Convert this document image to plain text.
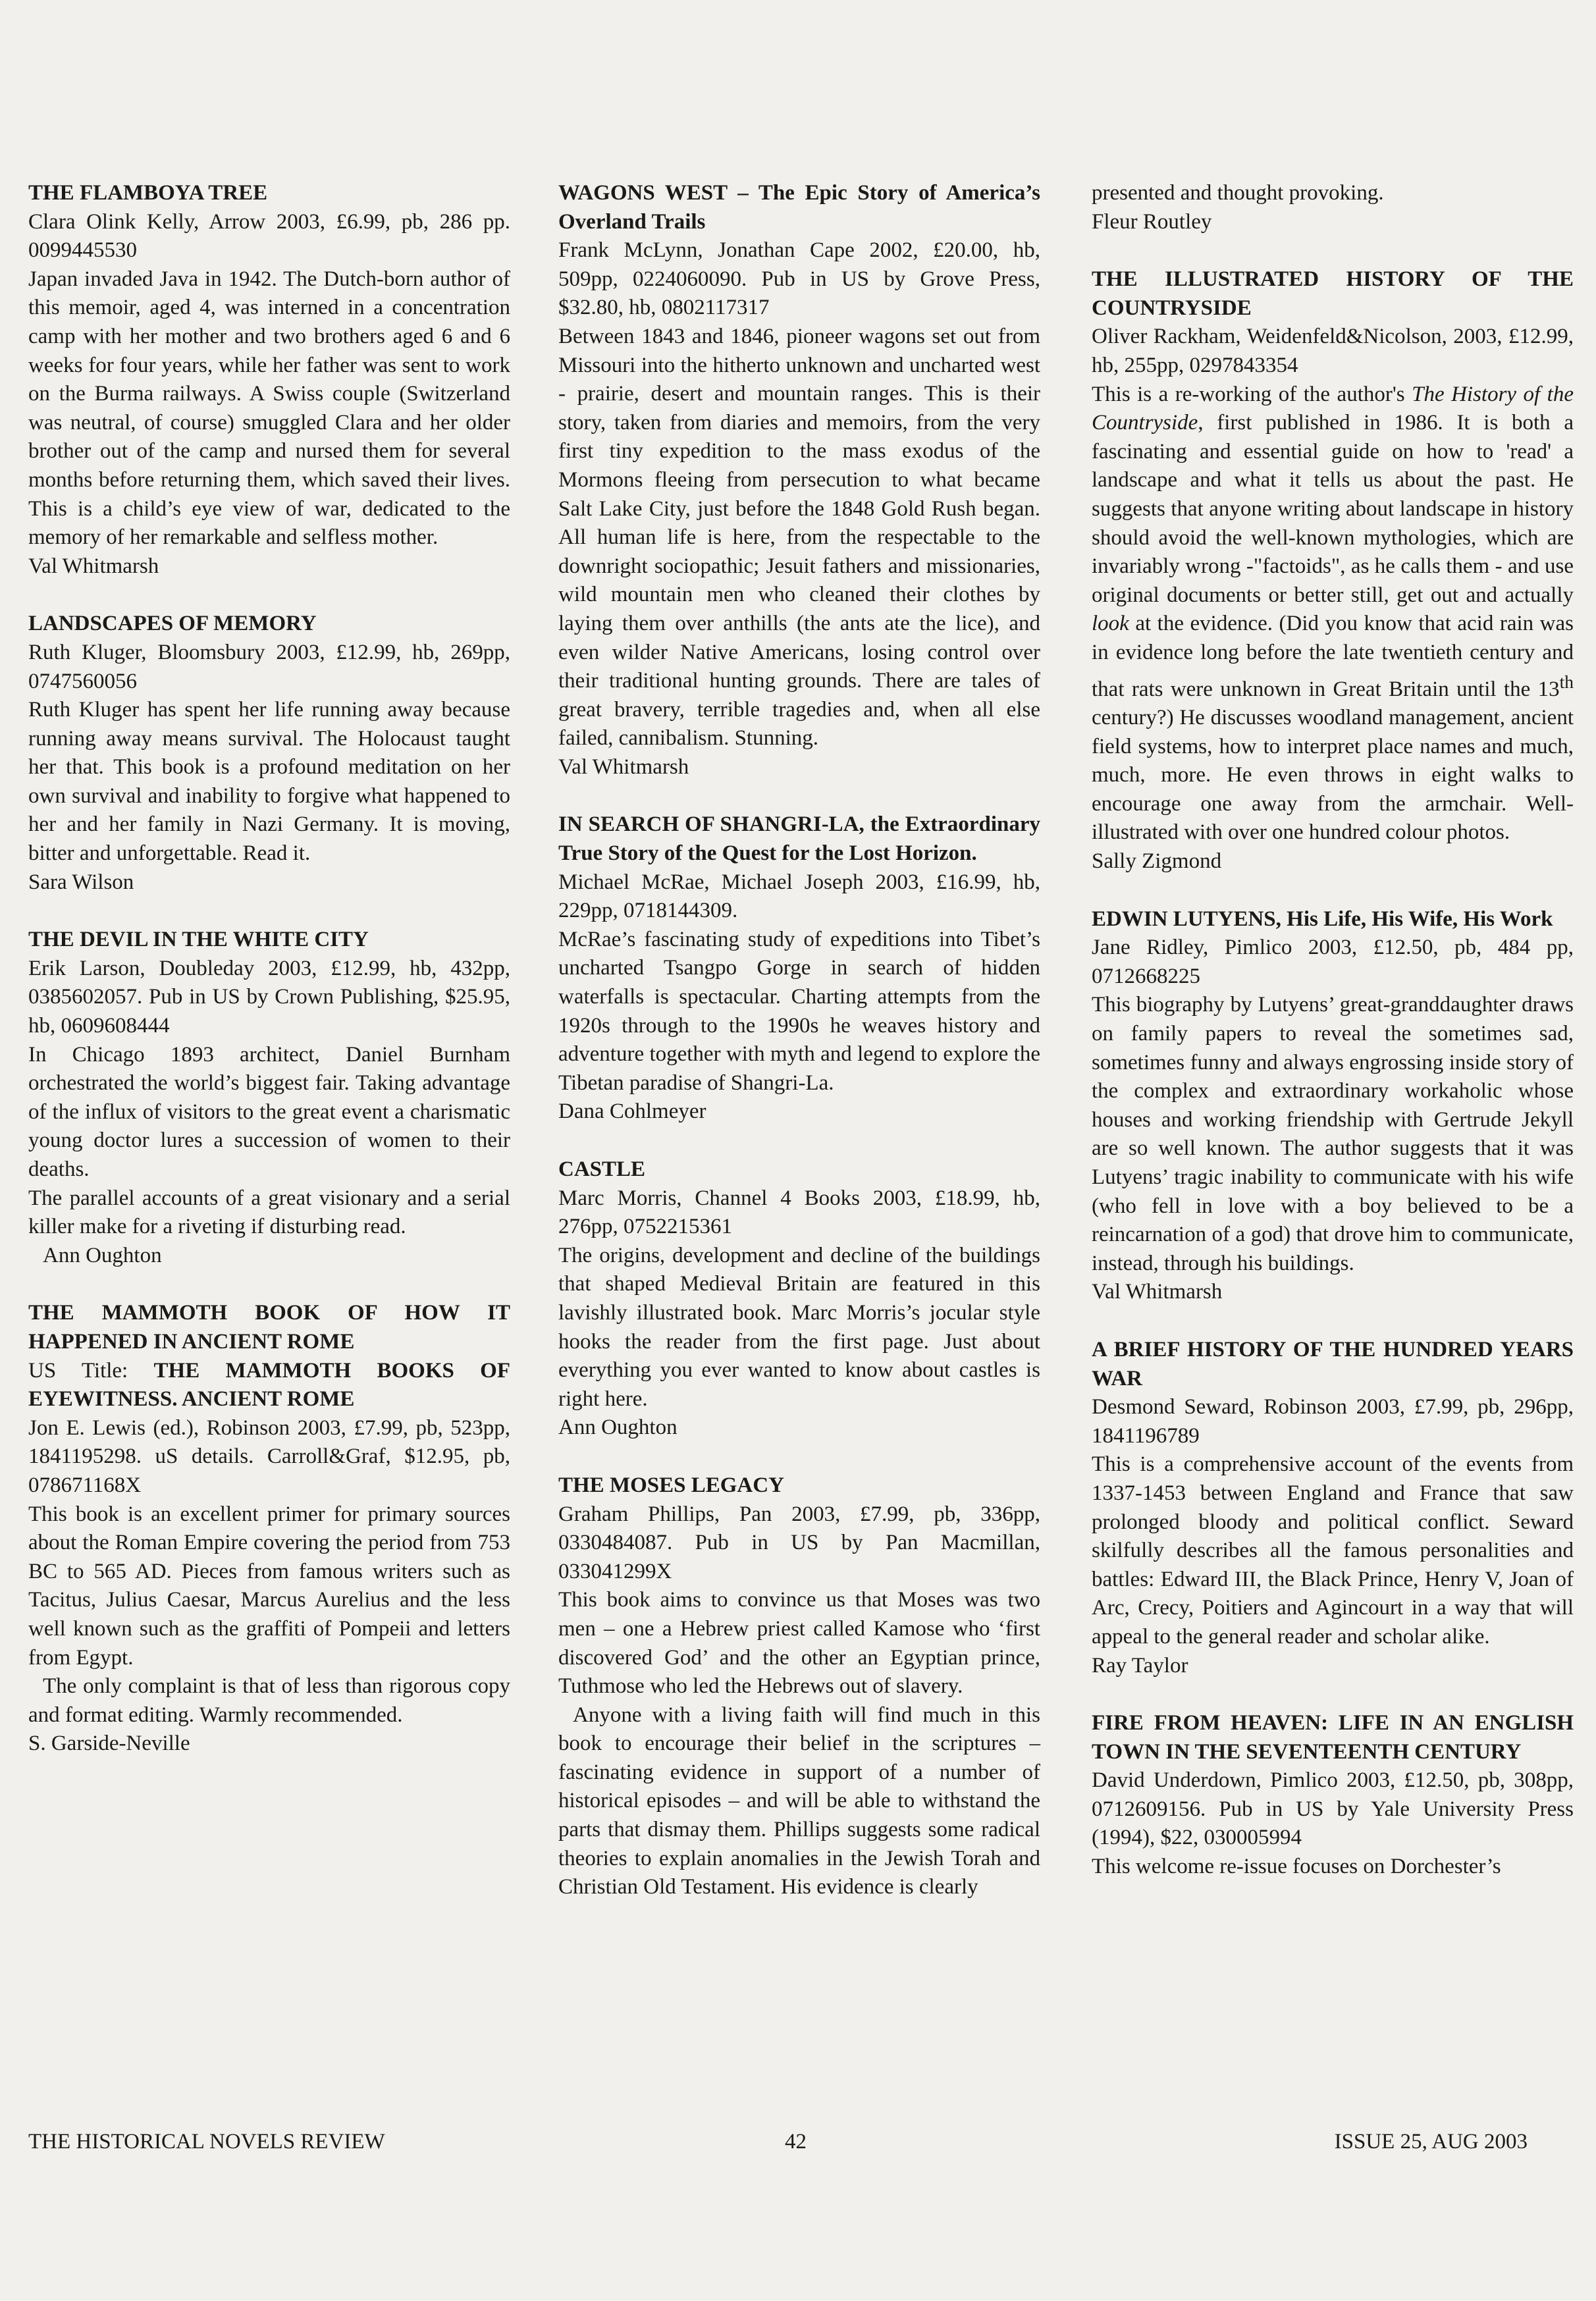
THE FLAMBOYA TREE
Clara Olink Kelly, Arrow 2003, £6.99, pb, 286 pp. 0099445530
Japan invaded Java in 1942. The Dutch-born author of this memoir, aged 4, was interned in a concentration camp with her mother and two brothers aged 6 and 6 weeks for four years, while her father was sent to work on the Burma railways. A Swiss couple (Switzerland was neutral, of course) smuggled Clara and her older brother out of the camp and nursed them for several months before returning them, which saved their lives. This is a child’s eye view of war, dedicated to the memory of her remarkable and selfless mother.
Val Whitmarsh
LANDSCAPES OF MEMORY
Ruth Kluger, Bloomsbury 2003, £12.99, hb, 269pp, 0747560056
Ruth Kluger has spent her life running away because running away means survival. The Holocaust taught her that. This book is a profound meditation on her own survival and inability to forgive what happened to her and her family in Nazi Germany. It is moving, bitter and unforgettable. Read it.
Sara Wilson
THE DEVIL IN THE WHITE CITY
Erik Larson, Doubleday 2003, £12.99, hb, 432pp, 0385602057. Pub in US by Crown Publishing, $25.95, hb, 0609608444
In Chicago 1893 architect, Daniel Burnham orchestrated the world’s biggest fair. Taking advantage of the influx of visitors to the great event a charismatic young doctor lures a succession of women to their deaths.
The parallel accounts of a great visionary and a serial killer make for a riveting if disturbing read.
Ann Oughton
THE MAMMOTH BOOK OF HOW IT HAPPENED IN ANCIENT ROME
US Title: THE MAMMOTH BOOKS OF EYEWITNESS. ANCIENT ROME
Jon E. Lewis (ed.), Robinson 2003, £7.99, pb, 523pp, 1841195298. uS details. Carroll&Graf, $12.95, pb, 078671168X
This book is an excellent primer for primary sources about the Roman Empire covering the period from 753 BC to 565 AD. Pieces from famous writers such as Tacitus, Julius Caesar, Marcus Aurelius and the less well known such as the graffiti of Pompeii and letters from Egypt.
The only complaint is that of less than rigorous copy and format editing. Warmly recommended.
S. Garside-Neville
WAGONS WEST – The Epic Story of America’s Overland Trails
Frank McLynn, Jonathan Cape 2002, £20.00, hb, 509pp, 0224060090. Pub in US by Grove Press, $32.80, hb, 0802117317
Between 1843 and 1846, pioneer wagons set out from Missouri into the hitherto unknown and uncharted west - prairie, desert and mountain ranges. This is their story, taken from diaries and memoirs, from the very first tiny expedition to the mass exodus of the Mormons fleeing from persecution to what became Salt Lake City, just before the 1848 Gold Rush began. All human life is here, from the respectable to the downright sociopathic; Jesuit fathers and missionaries, wild mountain men who cleaned their clothes by laying them over anthills (the ants ate the lice), and even wilder Native Americans, losing control over their traditional hunting grounds. There are tales of great bravery, terrible tragedies and, when all else failed, cannibalism. Stunning.
Val Whitmarsh
IN SEARCH OF SHANGRI-LA, the Extraordinary True Story of the Quest for the Lost Horizon.
Michael McRae, Michael Joseph 2003, £16.99, hb, 229pp, 0718144309.
McRae’s fascinating study of expeditions into Tibet’s uncharted Tsangpo Gorge in search of hidden waterfalls is spectacular. Charting attempts from the 1920s through to the 1990s he weaves history and adventure together with myth and legend to explore the Tibetan paradise of Shangri-La.
Dana Cohlmeyer
CASTLE
Marc Morris, Channel 4 Books 2003, £18.99, hb, 276pp, 0752215361
The origins, development and decline of the buildings that shaped Medieval Britain are featured in this lavishly illustrated book. Marc Morris’s jocular style hooks the reader from the first page. Just about everything you ever wanted to know about castles is right here.
Ann Oughton
THE MOSES LEGACY
Graham Phillips, Pan 2003, £7.99, pb, 336pp, 0330484087. Pub in US by Pan Macmillan, 033041299X
This book aims to convince us that Moses was two men – one a Hebrew priest called Kamose who ‘first discovered God’ and the other an Egyptian prince, Tuthmose who led the Hebrews out of slavery.
Anyone with a living faith will find much in this book to encourage their belief in the scriptures – fascinating evidence in support of a number of historical episodes – and will be able to withstand the parts that dismay them. Phillips suggests some radical theories to explain anomalies in the Jewish Torah and Christian Old Testament. His evidence is clearly
presented and thought provoking.
Fleur Routley
THE ILLUSTRATED HISTORY OF THE COUNTRYSIDE
Oliver Rackham, Weidenfeld&Nicolson, 2003, £12.99, hb, 255pp, 0297843354
This is a re-working of the author's The History of the Countryside, first published in 1986. It is both a fascinating and essential guide on how to 'read' a landscape and what it tells us about the past. He suggests that anyone writing about landscape in history should avoid the well-known mythologies, which are invariably wrong -"factoids", as he calls them - and use original documents or better still, get out and actually look at the evidence. (Did you know that acid rain was in evidence long before the late twentieth century and that rats were unknown in Great Britain until the 13th century?) He discusses woodland management, ancient field systems, how to interpret place names and much, much, more. He even throws in eight walks to encourage one away from the armchair. Well-illustrated with over one hundred colour photos.
Sally Zigmond
EDWIN LUTYENS, His Life, His Wife, His Work
Jane Ridley, Pimlico 2003, £12.50, pb, 484 pp, 0712668225
This biography by Lutyens’ great-granddaughter draws on family papers to reveal the sometimes sad, sometimes funny and always engrossing inside story of the complex and extraordinary workaholic whose houses and working friendship with Gertrude Jekyll are so well known. The author suggests that it was Lutyens’ tragic inability to communicate with his wife (who fell in love with a boy believed to be a reincarnation of a god) that drove him to communicate, instead, through his buildings.
Val Whitmarsh
A BRIEF HISTORY OF THE HUNDRED YEARS WAR
Desmond Seward, Robinson 2003, £7.99, pb, 296pp, 1841196789
This is a comprehensive account of the events from 1337-1453 between England and France that saw prolonged bloody and political conflict. Seward skilfully describes all the famous personalities and battles: Edward III, the Black Prince, Henry V, Joan of Arc, Crecy, Poitiers and Agincourt in a way that will appeal to the general reader and scholar alike.
Ray Taylor
FIRE FROM HEAVEN: LIFE IN AN ENGLISH TOWN IN THE SEVENTEENTH CENTURY
David Underdown, Pimlico 2003, £12.50, pb, 308pp, 0712609156. Pub in US by Yale University Press (1994), $22, 030005994
This welcome re-issue focuses on Dorchester’s
THE HISTORICAL NOVELS REVIEW	42	ISSUE 25, AUG 2003
